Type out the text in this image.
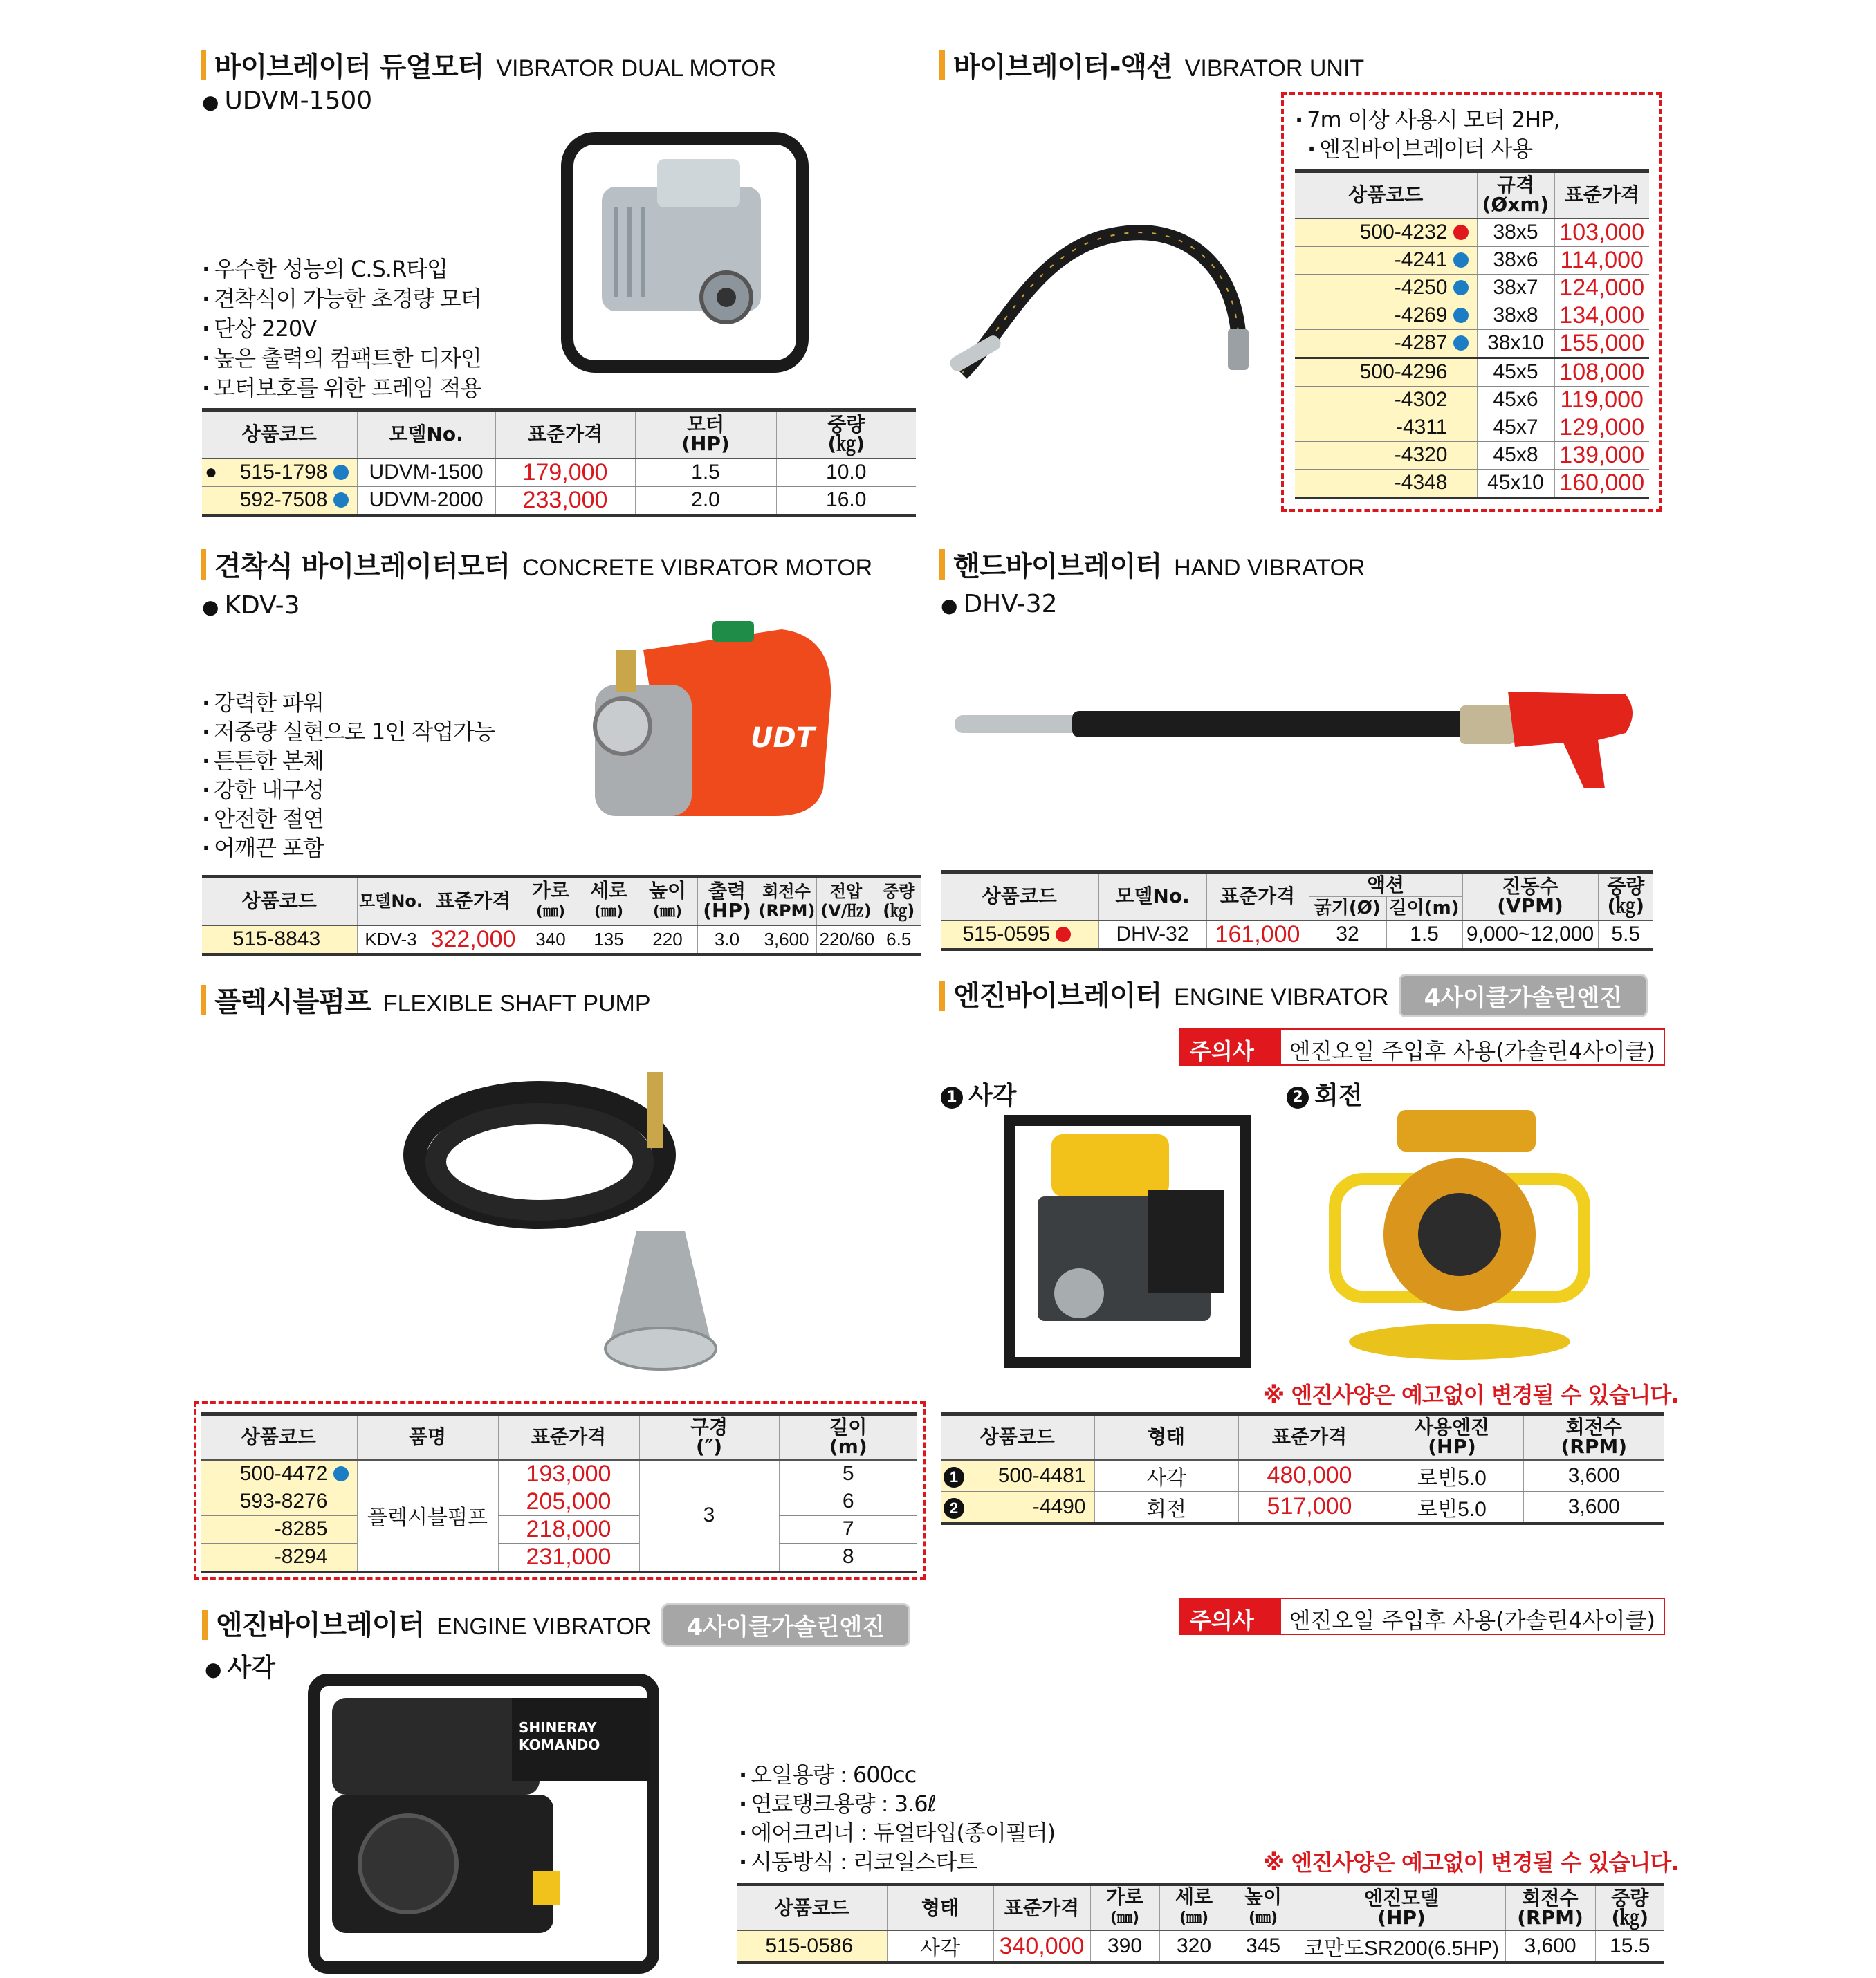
바이브레이터 듀얼모터 VIBRATOR DUAL MOTOR
● UDVM-1500
· 우수한 성능의 C.S.R타입
· 견착식이 가능한 초경량 모터
· 단상 220V
· 높은 출력의 컴팩트한 디자인
· 모터보호를 위한 프레임 적용
상품코드	모델No.	표준가격	모터
(HP)	중량
(㎏)

● 515-1798	UDVM-1500	179,000	1.5	10.0
592-7508	UDVM-2000	233,000	2.0	16.0
바이브레이터-액션 VIBRATOR UNIT
· 7m 이상 사용시 모터 2HP,
· 엔진바이브레이터 사용
상품코드	규격
(Øxm)	표준가격
500-4232	38x5	103,000
-4241	38x6	114,000
-4250	38x7	124,000
-4269	38x8	134,000
-4287	38x10	155,000
500-4296	45x5	108,000
-4302	45x6	119,000
-4311	45x7	129,000
-4320	45x8	139,000
-4348	45x10	160,000
견착식 바이브레이터모터 CONCRETE VIBRATOR MOTOR
● KDV-3
· 강력한 파워
· 저중량 실현으로 1인 작업가능
· 튼튼한 본체
· 강한 내구성
· 안전한 절연
· 어깨끈 포함
UDT
상품코드	모델No.	표준가격	가로
(㎜)	세로
(㎜)	높이
(㎜)	출력
(HP)	회전수
(RPM)	전압
(V/㎐)	중량
(㎏)
515-8843	KDV-3	322,000	340	135	220	3.0	3,600	220/60	6.5
핸드바이브레이터 HAND VIBRATOR
● DHV-32
상품코드	모델No.	표준가격	액션		진동수
(VPM)	중량
(㎏)
			굵기(Ø)	길이(m)		
515-0595	DHV-32	161,000	32	1.5	9,000~12,000	5.5
플렉시블펌프 FLEXIBLE SHAFT PUMP
상품코드	품명	표준가격	구경
(″)	길이
(m)
500-4472	플렉시블펌프	193,000	3	5
593-8276		205,000		6
-8285		218,000		7
-8294		231,000		8
엔진바이브레이터 ENGINE VIBRATOR	4사이클가솔린엔진
주의사항
엔진오일 주입후 사용(가솔린4사이클)
1 사각	2 회전
※ 엔진사양은 예고없이 변경될 수 있습니다.
상품코드	형태	표준가격	사용엔진
(HP)	회전수
(RPM)

1 500-4481	사각	480,000	로빈5.0	3,600

2 -4490	회전	517,000	로빈5.0	3,600
엔진바이브레이터 ENGINE VIBRATOR	4사이클가솔린엔진	주의사항
엔진오일 주입후 사용(가솔린4사이클)
● 사각
SHINERAY
KOMANDO
· 오일용량 : 600cc
· 연료탱크용량 : 3.6ℓ
· 에어크리너 : 듀얼타입(종이필터)
· 시동방식 : 리코일스타트	※ 엔진사양은 예고없이 변경될 수 있습니다.
상품코드	형태	표준가격	가로
(㎜)	세로
(㎜)	높이
(㎜)	엔진모델
(HP)	회전수
(RPM)	중량
(㎏)
515-0586	사각	340,000	390	320	345	코만도SR200(6.5HP)	3,600	15.5
